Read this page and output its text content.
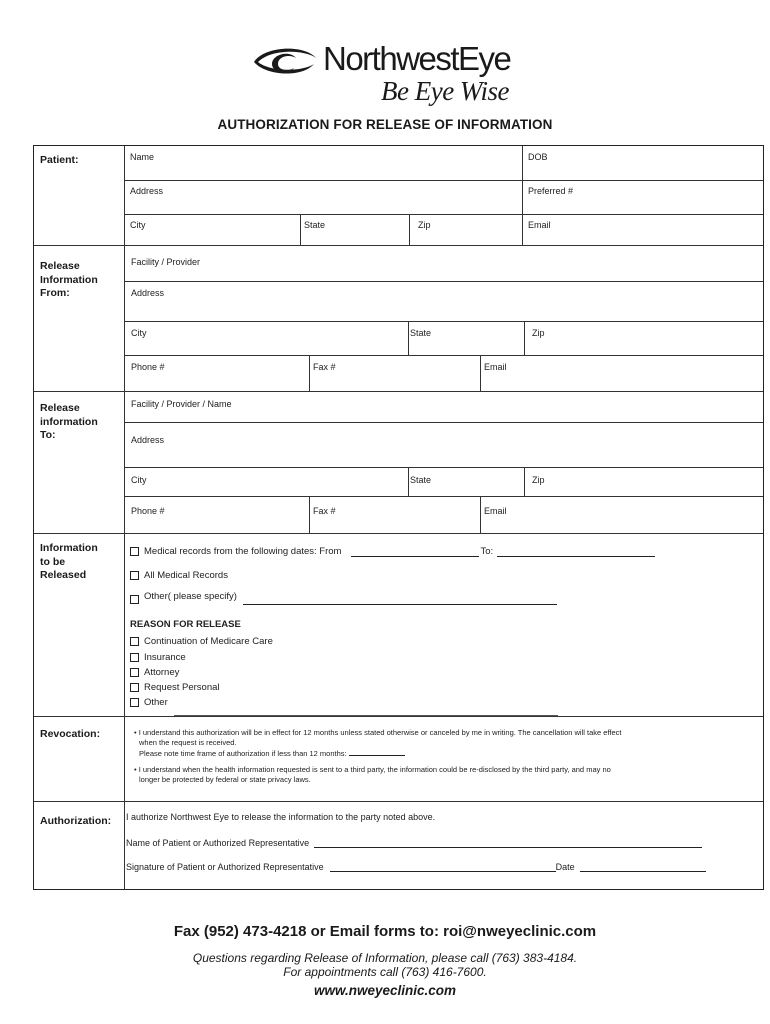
NorthwestEye
Be Eye Wise
AUTHORIZATION FOR RELEASE OF INFORMATION
Patient:	Name	DOB
Address	Preferred #
City	State	Zip	Email
Release
Information
From:
Facility / Provider
Address
City	State	Zip
Phone #	Fax #	Email
Release
information
To:
Facility / Provider / Name
Address
City	State	Zip
Phone #	Fax #	Email
Information
to be
Released
Medical records from the following dates: From	To:
All Medical Records
Other( please specify)
REASON FOR RELEASE
Continuation of Medicare Care
Insurance
Attorney
Request Personal
Other
Revocation:	• I understand this authorization will be in effect for 12 months unless stated otherwise or canceled by me in writing. The cancellation will take effect
when the request is received.
Please note time frame of authorization if less than 12 months:
• I understand when the health information requested is sent to a third party, the information could be re-disclosed by the third party, and may no
longer be protected by federal or state privacy laws.
Authorization: I authorize Northwest Eye to release the information to the party noted above.
Name of Patient or Authorized Representative
Signature of Patient or Authorized Representative	Date
Fax (952) 473-4218 or Email forms to: roi@nweyeclinic.com
Questions regarding Release of Information, please call (763) 383-4184.
For appointments call (763) 416-7600.
www.nweyeclinic.com
